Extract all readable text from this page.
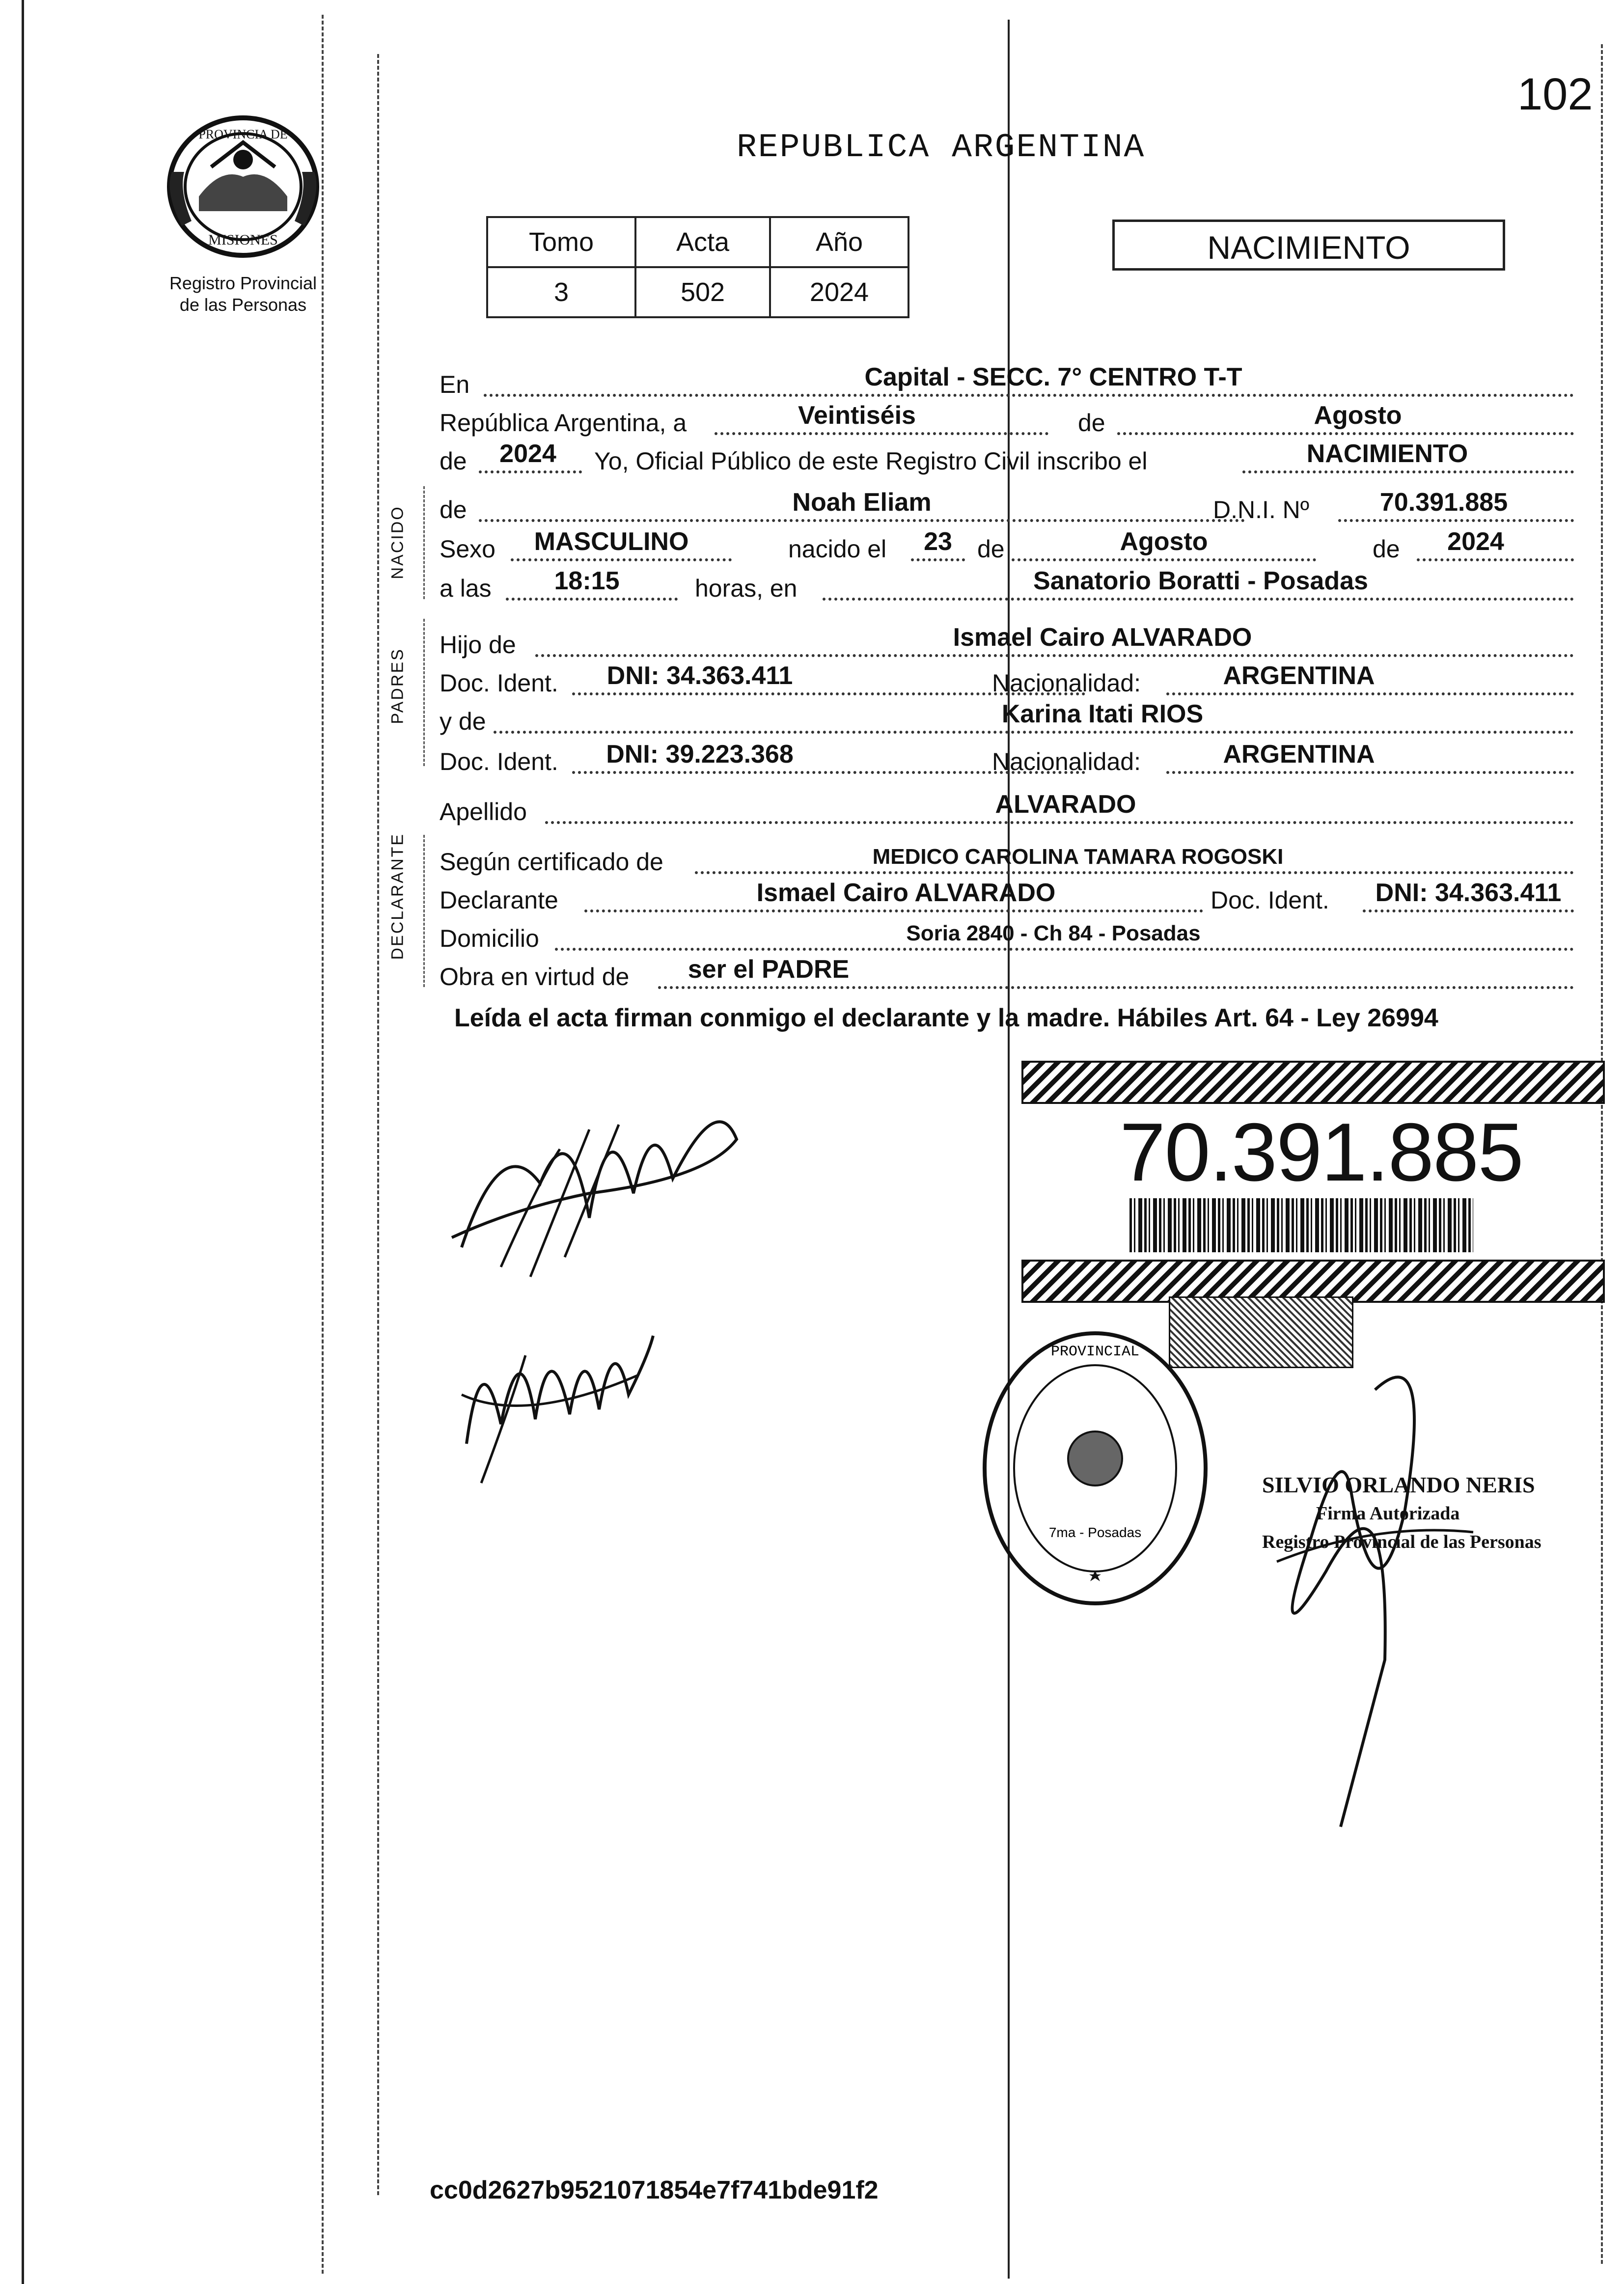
102
PROVINCIA DE
MISIONES
Registro Provincial
de las Personas
REPUBLICA ARGENTINA
Tomo	Acta	Año
3	502	2024
NACIMIENTO
NACIDO
PADRES
DECLARANTE
En	Capital - SECC. 7° CENTRO T-T
República Argentina, a	Veintiséis	de	Agosto
de	2024	Yo, Oficial Público de este Registro Civil inscribo el	NACIMIENTO
de	Noah Eliam	D.N.I. Nº	70.391.885
Sexo	MASCULINO	nacido el	23	de	Agosto	de	2024
a las	18:15	horas, en	Sanatorio Boratti - Posadas
Hijo de	Ismael Cairo ALVARADO
Doc. Ident.	DNI: 34.363.411	Nacionalidad:	ARGENTINA
y de	Karina Itati RIOS
Doc. Ident.	DNI: 39.223.368	Nacionalidad:	ARGENTINA
Apellido	ALVARADO
Según certificado de	MEDICO CAROLINA TAMARA ROGOSKI
Declarante	Ismael Cairo ALVARADO	Doc. Ident.	DNI: 34.363.411
Domicilio	Soria 2840 - Ch 84 - Posadas
Obra en virtud de	ser el PADRE
Leída el acta firman conmigo el declarante y la madre. Hábiles Art. 64 - Ley 26994
70.391.885
PROVINCIAL
7ma - Posadas
SILVIO ORLANDO NERIS
Firma Autorizada
Registro Provincial de las Personas
cc0d2627b9521071854e7f741bde91f2
